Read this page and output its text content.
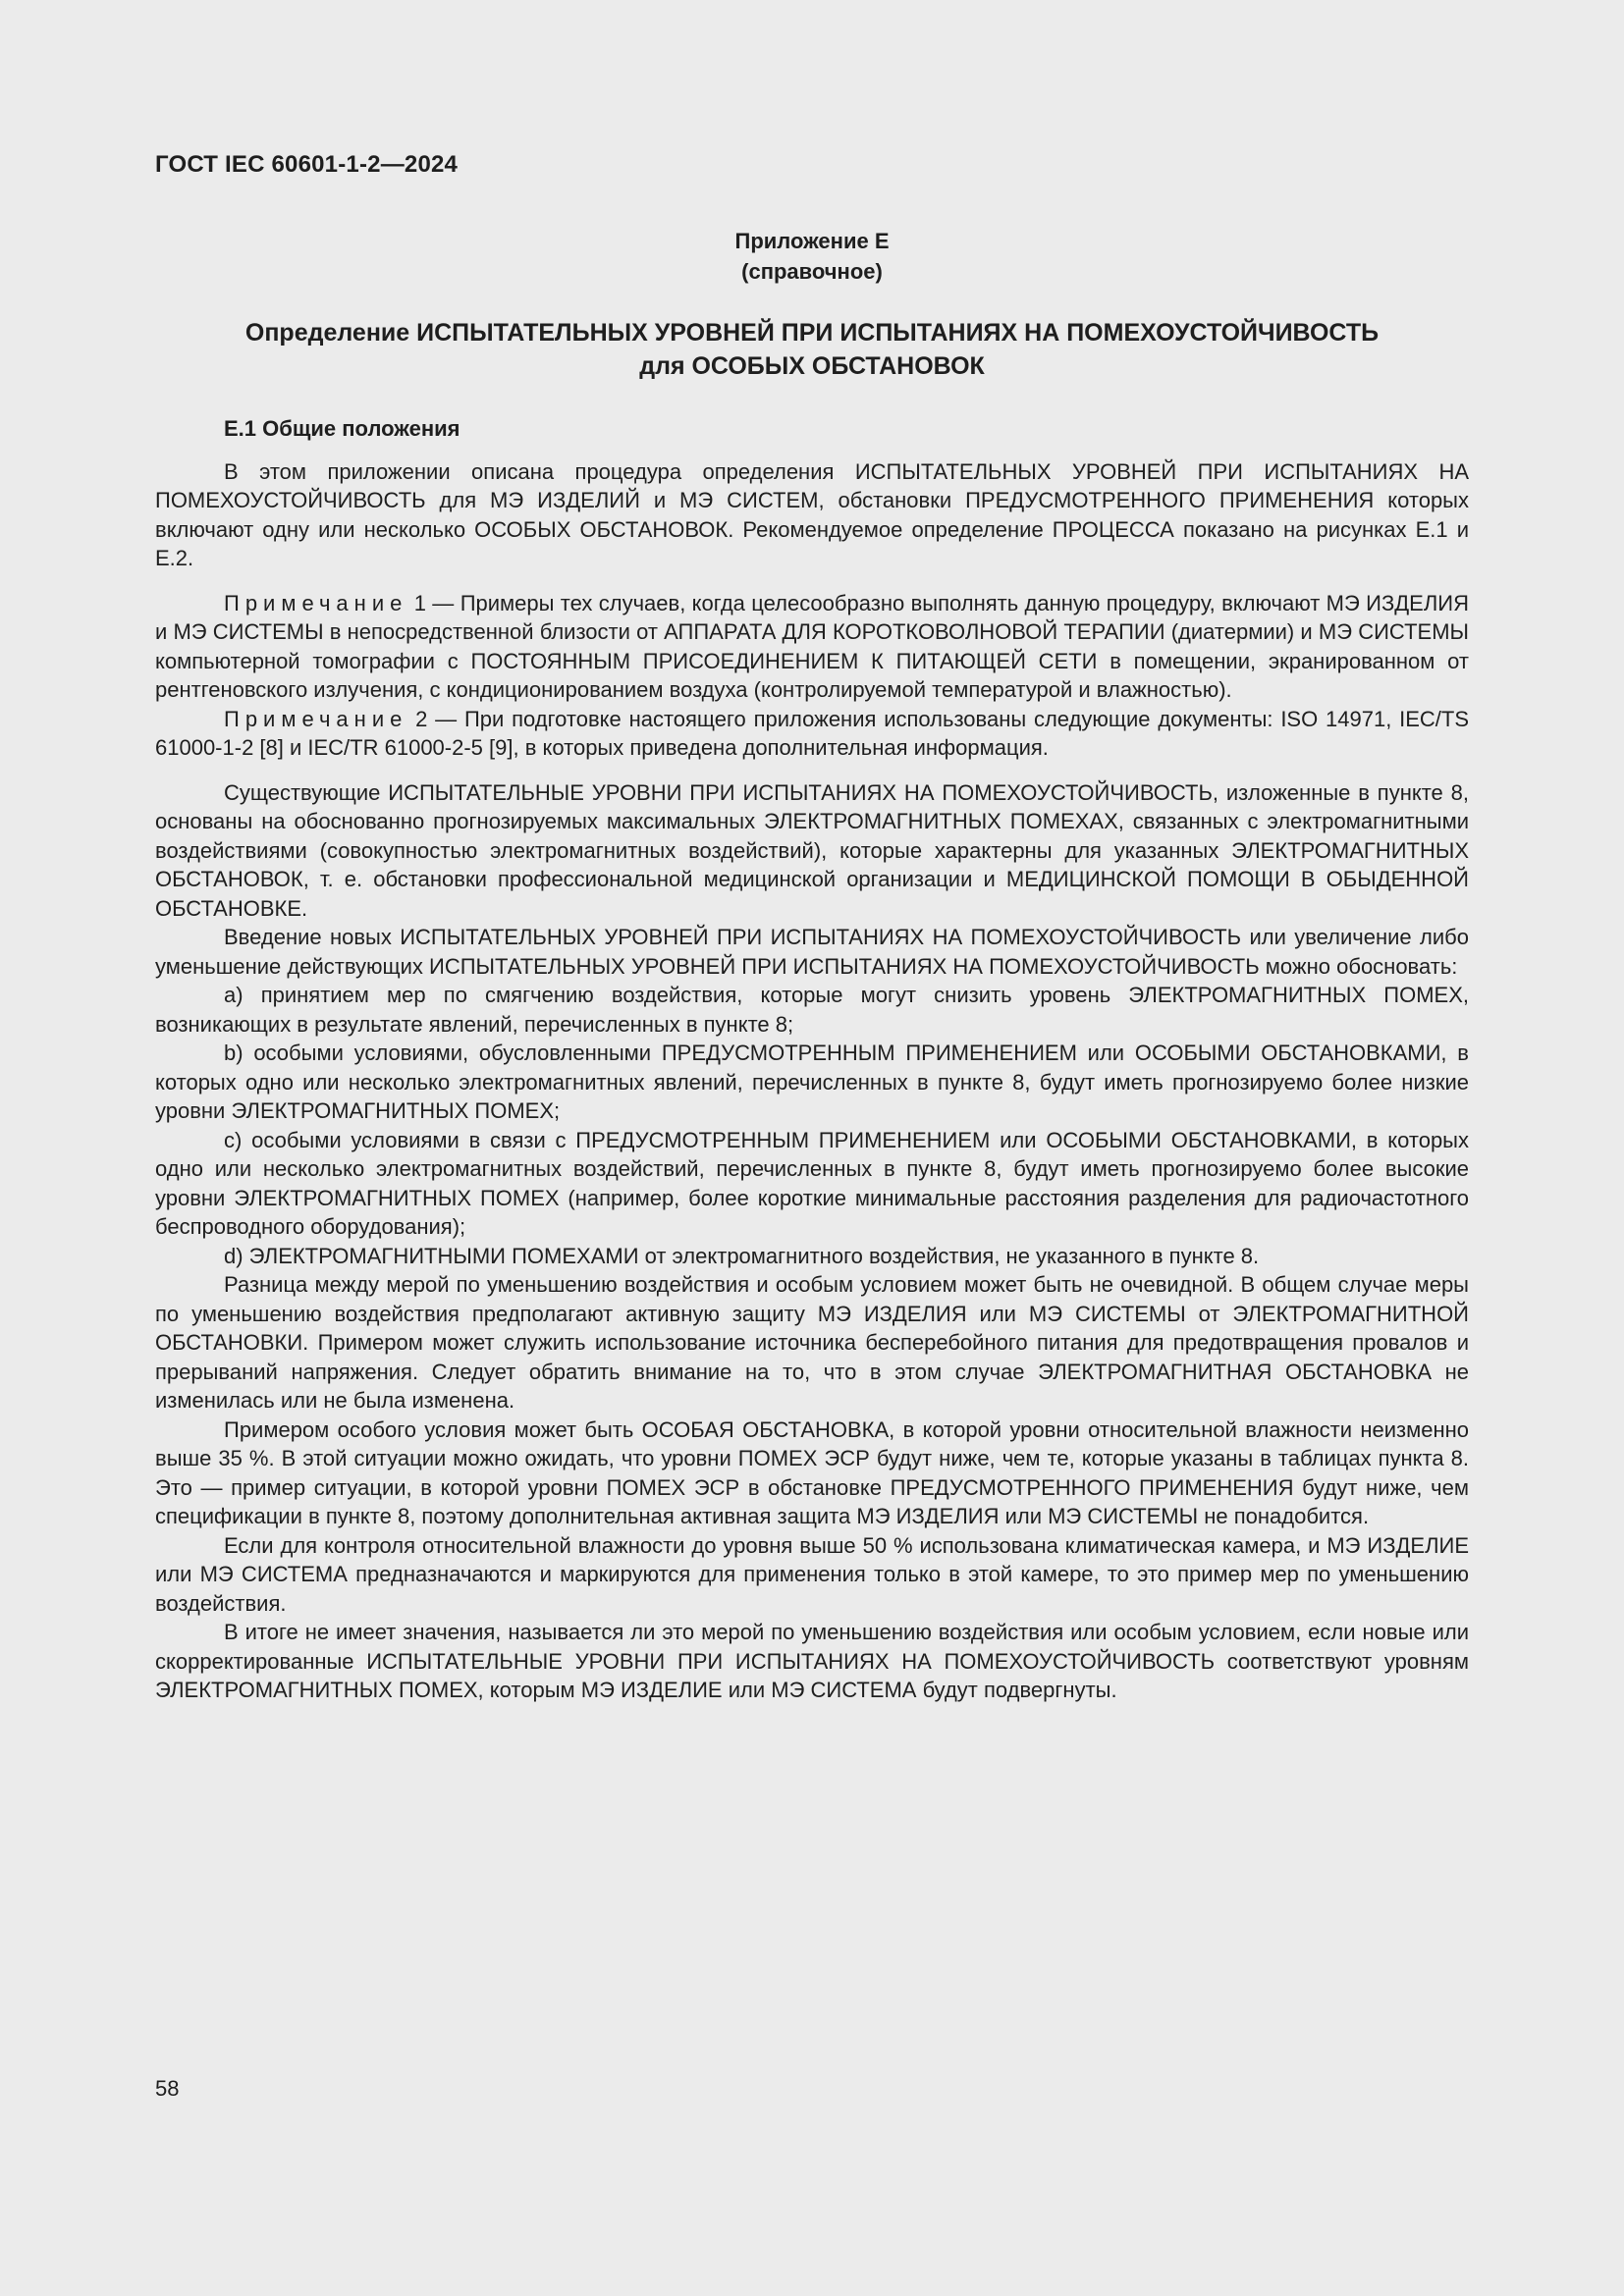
ГОСТ IEC 60601-1-2—2024
Приложение Е
(справочное)
Определение ИСПЫТАТЕЛЬНЫХ УРОВНЕЙ ПРИ ИСПЫТАНИЯХ НА ПОМЕХОУСТОЙЧИВОСТЬ
для ОСОБЫХ ОБСТАНОВОК

Е.1 Общие положения

В этом приложении описана процедура определения ИСПЫТАТЕЛЬНЫХ УРОВНЕЙ ПРИ ИСПЫТАНИЯХ НА ПОМЕХОУСТОЙЧИВОСТЬ для МЭ ИЗДЕЛИЙ и МЭ СИСТЕМ, обстановки ПРЕДУСМОТРЕННОГО ПРИМЕНЕНИЯ которых включают одну или несколько ОСОБЫХ ОБСТАНОВОК. Рекомендуемое определение ПРОЦЕССА показано на рисунках Е.1 и Е.2.

Примечание 1 — Примеры тех случаев, когда целесообразно выполнять данную процедуру, включают МЭ ИЗДЕЛИЯ и МЭ СИСТЕМЫ в непосредственной близости от АППАРАТА ДЛЯ КОРОТКОВОЛНОВОЙ ТЕРАПИИ (диатермии) и МЭ СИСТЕМЫ компьютерной томографии с ПОСТОЯННЫМ ПРИСОЕДИНЕНИЕМ К ПИТАЮЩЕЙ СЕТИ в помещении, экранированном от рентгеновского излучения, с кондиционированием воздуха (контролируемой температурой и влажностью).

Примечание 2 — При подготовке настоящего приложения использованы следующие документы: ISO 14971, IEC/TS 61000-1-2 [8] и IEC/TR 61000-2-5 [9], в которых приведена дополнительная информация.

Существующие ИСПЫТАТЕЛЬНЫЕ УРОВНИ ПРИ ИСПЫТАНИЯХ НА ПОМЕХОУСТОЙЧИВОСТЬ, изложенные в пункте 8, основаны на обоснованно прогнозируемых максимальных ЭЛЕКТРОМАГНИТНЫХ ПОМЕХАХ, связанных с электромагнитными воздействиями (совокупностью электромагнитных воздействий), которые характерны для указанных ЭЛЕКТРОМАГНИТНЫХ ОБСТАНОВОК, т. е. обстановки профессиональной медицинской организации и МЕДИЦИНСКОЙ ПОМОЩИ В ОБЫДЕННОЙ ОБСТАНОВКЕ.

Введение новых ИСПЫТАТЕЛЬНЫХ УРОВНЕЙ ПРИ ИСПЫТАНИЯХ НА ПОМЕХОУСТОЙЧИВОСТЬ или увеличение либо уменьшение действующих ИСПЫТАТЕЛЬНЫХ УРОВНЕЙ ПРИ ИСПЫТАНИЯХ НА ПОМЕХОУСТОЙЧИВОСТЬ можно обосновать:

a) принятием мер по смягчению воздействия, которые могут снизить уровень ЭЛЕКТРОМАГНИТНЫХ ПОМЕХ, возникающих в результате явлений, перечисленных в пункте 8;

b) особыми условиями, обусловленными ПРЕДУСМОТРЕННЫМ ПРИМЕНЕНИЕМ или ОСОБЫМИ ОБСТАНОВКАМИ, в которых одно или несколько электромагнитных явлений, перечисленных в пункте 8, будут иметь прогнозируемо более низкие уровни ЭЛЕКТРОМАГНИТНЫХ ПОМЕХ;

c) особыми условиями в связи с ПРЕДУСМОТРЕННЫМ ПРИМЕНЕНИЕМ или ОСОБЫМИ ОБСТАНОВКАМИ, в которых одно или несколько электромагнитных воздействий, перечисленных в пункте 8, будут иметь прогнозируемо более высокие уровни ЭЛЕКТРОМАГНИТНЫХ ПОМЕХ (например, более короткие минимальные расстояния разделения для радиочастотного беспроводного оборудования);

d) ЭЛЕКТРОМАГНИТНЫМИ ПОМЕХАМИ от электромагнитного воздействия, не указанного в пункте 8.

Разница между мерой по уменьшению воздействия и особым условием может быть не очевидной. В общем случае меры по уменьшению воздействия предполагают активную защиту МЭ ИЗДЕЛИЯ или МЭ СИСТЕМЫ от ЭЛЕКТРОМАГНИТНОЙ ОБСТАНОВКИ. Примером может служить использование источника бесперебойного питания для предотвращения провалов и прерываний напряжения. Следует обратить внимание на то, что в этом случае ЭЛЕКТРОМАГНИТНАЯ ОБСТАНОВКА не изменилась или не была изменена.

Примером особого условия может быть ОСОБАЯ ОБСТАНОВКА, в которой уровни относительной влажности неизменно выше 35 %. В этой ситуации можно ожидать, что уровни ПОМЕХ ЭСР будут ниже, чем те, которые указаны в таблицах пункта 8. Это — пример ситуации, в которой уровни ПОМЕХ ЭСР в обстановке ПРЕДУСМОТРЕННОГО ПРИМЕНЕНИЯ будут ниже, чем спецификации в пункте 8, поэтому дополнительная активная защита МЭ ИЗДЕЛИЯ или МЭ СИСТЕМЫ не понадобится.

Если для контроля относительной влажности до уровня выше 50 % использована климатическая камера, и МЭ ИЗДЕЛИЕ или МЭ СИСТЕМА предназначаются и маркируются для применения только в этой камере, то это пример мер по уменьшению воздействия.

В итоге не имеет значения, называется ли это мерой по уменьшению воздействия или особым условием, если новые или скорректированные ИСПЫТАТЕЛЬНЫЕ УРОВНИ ПРИ ИСПЫТАНИЯХ НА ПОМЕХОУСТОЙЧИВОСТЬ соответствуют уровням ЭЛЕКТРОМАГНИТНЫХ ПОМЕХ, которым МЭ ИЗДЕЛИЕ или МЭ СИСТЕМА будут подвергнуты.

58
